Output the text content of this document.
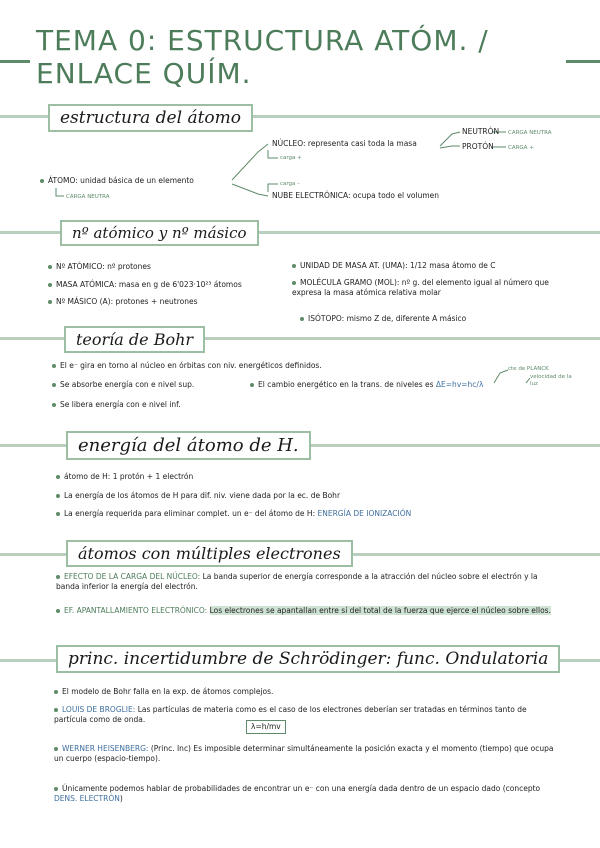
TEMA 0: ESTRUCTURA ATÓM. / ENLACE QUÍM.
estructura del átomo
NÚCLEO: representa casi toda la masa
carga +
NEUTRÓN CARGA NEUTRA
PROTÓN	CARGA +
ÁTOMO: unidad básica de un elemento
CARGA NEUTRA
carga –
NUBE ELECTRÓNICA: ocupa todo el volumen
nº atómico y nº másico
Nº ATÓMICO: nº protones
MASA ATÓMICA: masa en g de 6'023·10²³ átomos
Nº MÁSICO (A): protones + neutrones
UNIDAD DE MASA AT. (UMA): 1/12 masa átomo de C
MOLÉCULA GRAMO (MOL): nº g. del elemento igual al número que expresa la masa atómica relativa molar
ISÓTOPO: mismo Z de, diferente A másico
teoría de Bohr
El e⁻ gira en torno al núcleo en órbitas con niv. energéticos definidos.
Se absorbe energía con e nivel sup.
Se libera energía con e nivel inf.
El cambio energético en la trans. de niveles es ΔE=hv=hc/λ
cte de PLANCK
velocidad de la luz
energía del átomo de H.
átomo de H: 1 protón + 1 electrón
La energía de los átomos de H para dif. niv. viene dada por la ec. de Bohr
La energía requerida para eliminar complet. un e⁻ del átomo de H: ENERGÍA DE IONIZACIÓN
átomos con múltiples electrones
EFECTO DE LA CARGA DEL NÚCLEO: La banda superior de energía corresponde a la atracción del núcleo sobre el electrón y la banda inferior la energía del electrón.
EF. APANTALLAMIENTO ELECTRÓNICO: Los electrones se apantallan entre sí del total de la fuerza que ejerce el núcleo sobre ellos.
princ. incertidumbre de Schrödinger: func. Ondulatoria
El modelo de Bohr falla en la exp. de átomos complejos.
LOUIS DE BROGLIE: Las partículas de materia como es el caso de los electrones deberían ser tratadas en términos tanto de partícula como de onda.
λ=h/mv
WERNER HEISENBERG: (Princ. Inc) Es imposible determinar simultáneamente la posición exacta y el momento (tiempo) que ocupa un cuerpo (espacio-tiempo).
Únicamente podemos hablar de probabilidades de encontrar un e⁻ con una energía dada dentro de un espacio dado (concepto DENS. ELECTRÓN)
